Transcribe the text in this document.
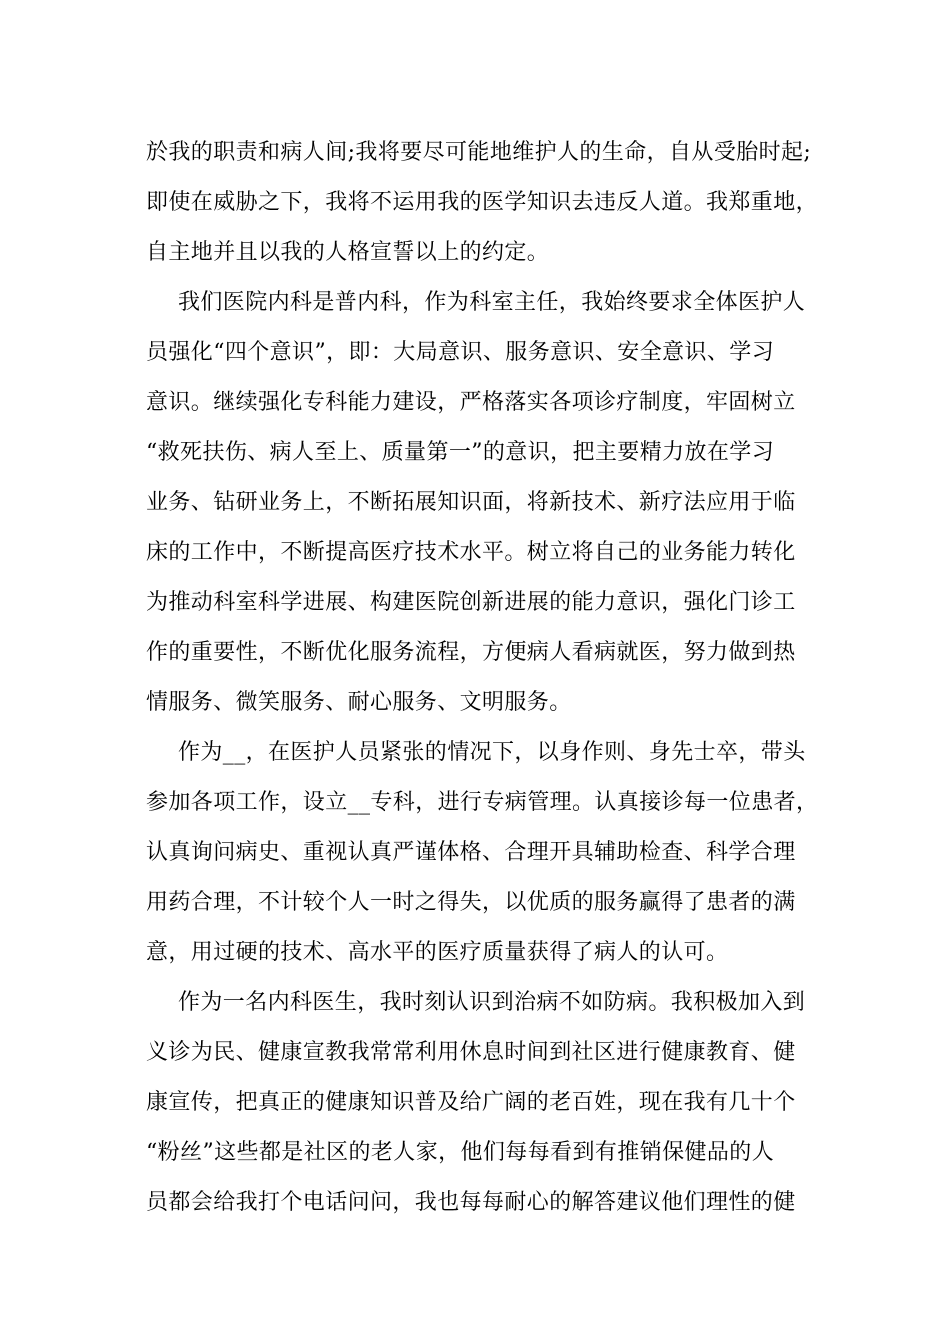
於我的职责和病人间;我将要尽可能地维护人的生命，自从受胎时起;
即使在威胁之下，我将不运用我的医学知识去违反人道。我郑重地，
自主地并且以我的人格宣誓以上的约定。
我们医院内科是普内科，作为科室主任，我始终要求全体医护人
员强化“四个意识”，即：大局意识、服务意识、安全意识、学习
意识。继续强化专科能力建设，严格落实各项诊疗制度，牢固树立
“救死扶伤、病人至上、质量第一”的意识，把主要精力放在学习
业务、钻研业务上，不断拓展知识面，将新技术、新疗法应用于临
床的工作中，不断提高医疗技术水平。树立将自己的业务能力转化
为推动科室科学进展、构建医院创新进展的能力意识，强化门诊工
作的重要性，不断优化服务流程，方便病人看病就医，努力做到热
情服务、微笑服务、耐心服务、文明服务。
作为__，在医护人员紧张的情况下，以身作则、身先士卒，带头
参加各项工作，设立__专科，进行专病管理。认真接诊每一位患者，
认真询问病史、重视认真严谨体格、合理开具辅助检查、科学合理
用药合理，不计较个人一时之得失，以优质的服务赢得了患者的满
意，用过硬的技术、高水平的医疗质量获得了病人的认可。
作为一名内科医生，我时刻认识到治病不如防病。我积极加入到
义诊为民、健康宣教我常常利用休息时间到社区进行健康教育、健
康宣传，把真正的健康知识普及给广阔的老百姓，现在我有几十个
“粉丝”这些都是社区的老人家，他们每每看到有推销保健品的人
员都会给我打个电话问问，我也每每耐心的解答建议他们理性的健
